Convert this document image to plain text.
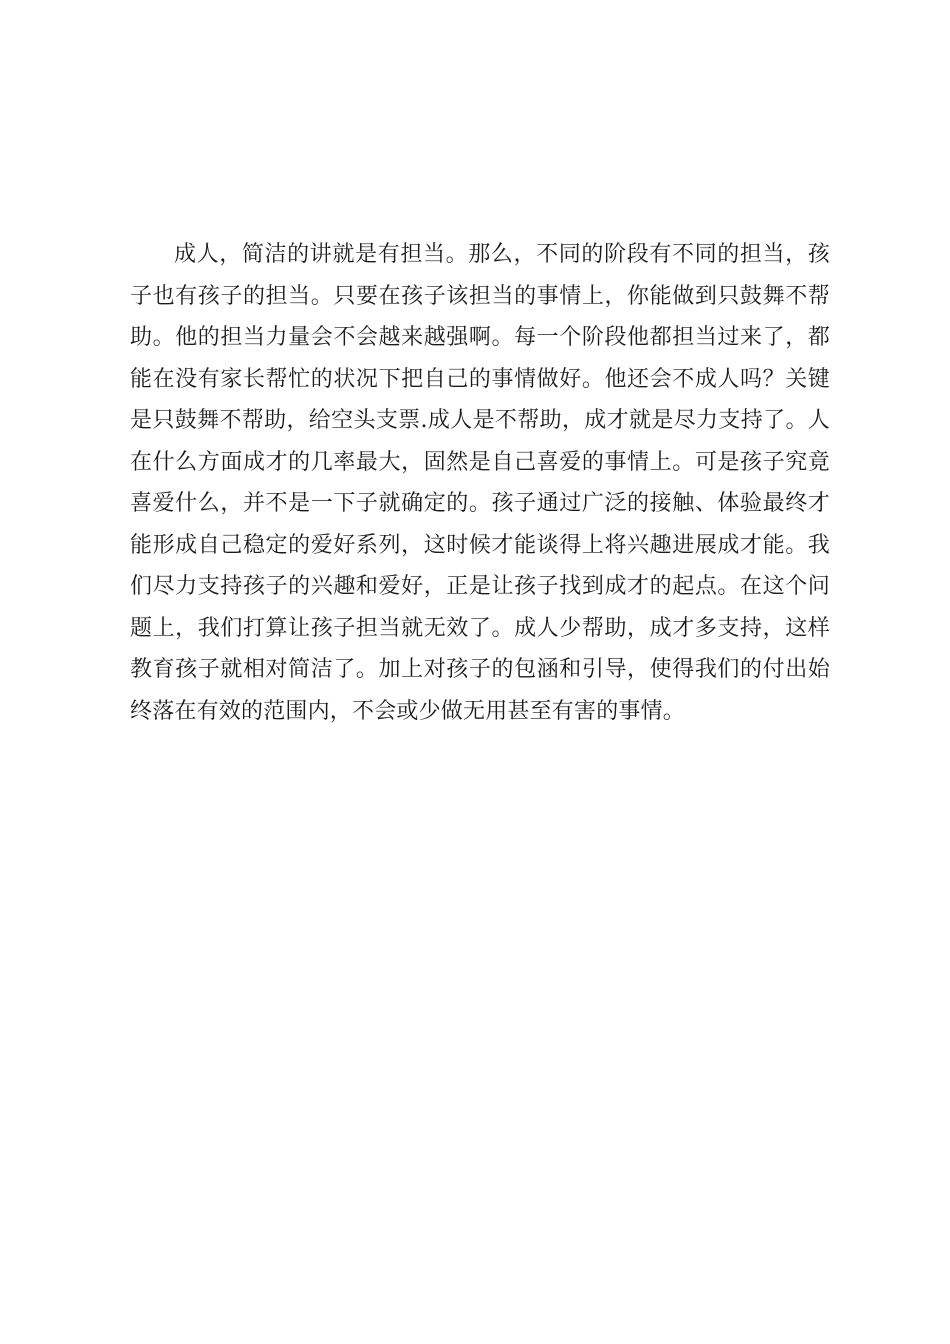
成人，简洁的讲就是有担当。那么，不同的阶段有不同的担当，孩子也有孩子的担当。只要在孩子该担当的事情上，你能做到只鼓舞不帮助。他的担当力量会不会越来越强啊。每一个阶段他都担当过来了，都能在没有家长帮忙的状况下把自己的事情做好。他还会不成人吗？关键是只鼓舞不帮助，给空头支票.成人是不帮助，成才就是尽力支持了。人在什么方面成才的几率最大，固然是自己喜爱的事情上。可是孩子究竟喜爱什么，并不是一下子就确定的。孩子通过广泛的接触、体验最终才能形成自己稳定的爱好系列，这时候才能谈得上将兴趣进展成才能。我们尽力支持孩子的兴趣和爱好，正是让孩子找到成才的起点。在这个问题上，我们打算让孩子担当就无效了。成人少帮助，成才多支持，这样教育孩子就相对简洁了。加上对孩子的包涵和引导，使得我们的付出始终落在有效的范围内，不会或少做无用甚至有害的事情。
